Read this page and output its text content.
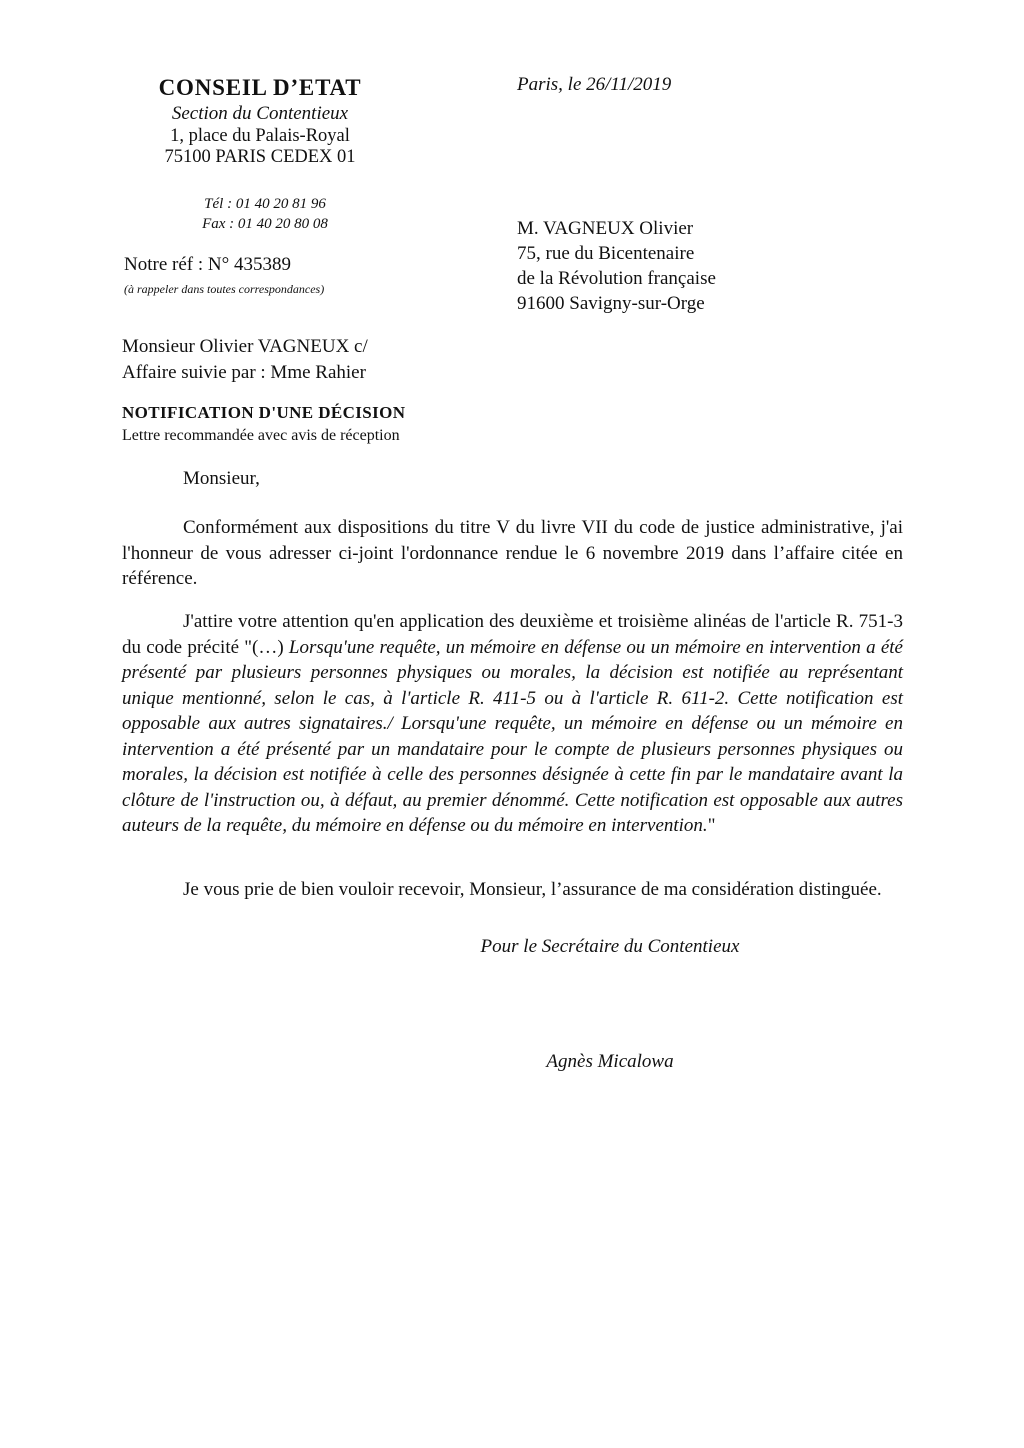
CONSEIL D’ETAT
Section du Contentieux
1, place du Palais-Royal
75100 PARIS CEDEX 01
Tél : 01 40 20 81 96
Fax : 01 40 20 80 08
Paris, le 26/11/2019
M. VAGNEUX Olivier
75, rue du Bicentenaire
de la Révolution française
91600 Savigny-sur-Orge
Notre réf : N° 435389
(à rappeler dans toutes correspondances)
Monsieur Olivier VAGNEUX c/
Affaire suivie par : Mme Rahier
NOTIFICATION D'UNE DÉCISION
Lettre recommandée avec avis de réception
Monsieur,

Conformément aux dispositions du titre V du livre VII du code de justice administrative, j'ai l'honneur de vous adresser ci-joint l'ordonnance rendue le 6 novembre 2019 dans l’affaire citée en référence.

J'attire votre attention qu'en application des deuxième et troisième alinéas de l'article R. 751-3 du code précité "(…) Lorsqu'une requête, un mémoire en défense ou un mémoire en intervention a été présenté par plusieurs personnes physiques ou morales, la décision est notifiée au représentant unique mentionné, selon le cas, à l'article R. 411-5 ou à l'article R. 611-2. Cette notification est opposable aux autres signataires./ Lorsqu'une requête, un mémoire en défense ou un mémoire en intervention a été présenté par un mandataire pour le compte de plusieurs personnes physiques ou morales, la décision est notifiée à celle des personnes désignée à cette fin par le mandataire avant la clôture de l'instruction ou, à défaut, au premier dénommé. Cette notification est opposable aux autres auteurs de la requête, du mémoire en défense ou du mémoire en intervention."

Je vous prie de bien vouloir recevoir, Monsieur, l’assurance de ma considération distinguée.

Pour le Secrétaire du Contentieux
Agnès Micalowa
